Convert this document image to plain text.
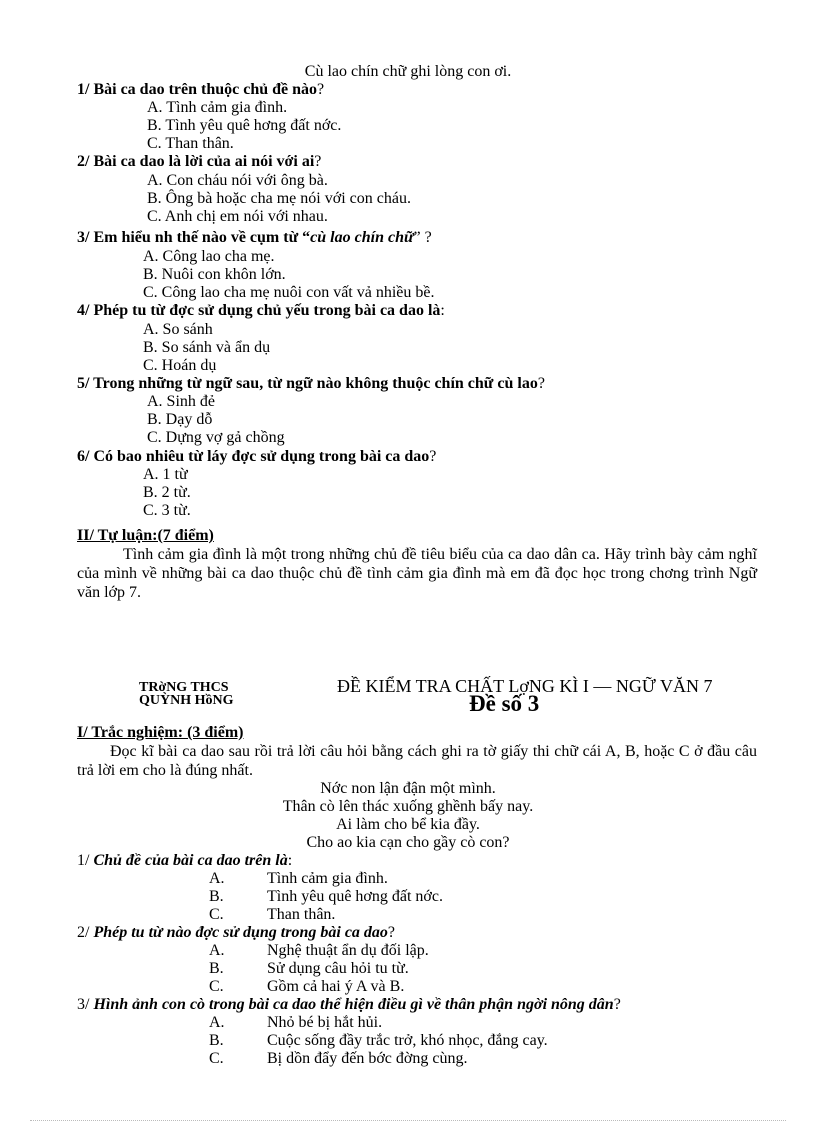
Cù lao chín chữ ghi lòng con ơi.
1/ Bài ca dao trên thuộc chủ đề nào?
A. Tình cảm gia đình.
B. Tình yêu quê hơng đất nớc.
C. Than thân.
2/ Bài ca dao là lời của ai nói với ai?
A. Con cháu nói với ông bà.
B. Ông bà hoặc cha mẹ nói với con cháu.
C. Anh chị em nói với nhau.
3/ Em hiểu nh thế nào về cụm từ “cù lao chín chữ” ?
A. Công lao cha mẹ.
B. Nuôi con khôn lớn.
C. Công lao cha mẹ nuôi con vất vả nhiều bề.
4/ Phép tu từ đợc sử dụng chủ yếu trong bài ca dao là:
A. So sánh
B. So sánh và ẩn dụ
C. Hoán dụ
5/ Trong những từ ngữ sau, từ ngữ nào không thuộc chín chữ cù lao?
A. Sinh đẻ
B. Dạy dỗ
C. Dựng vợ gả chồng
6/ Có bao nhiêu từ láy đợc sử dụng trong bài ca dao?
A. 1 từ
B. 2 từ.
C. 3 từ.
II/ Tự luận:(7 điểm)
Tình cảm gia đình là một trong những chủ đề tiêu biểu của ca dao dân ca. Hãy trình bày cảm nghĩ của mình về những bài ca dao thuộc chủ đề tình cảm gia đình mà em đã đọc học trong chơng trình Ngữ văn lớp 7.
TRờNG THCS
QUỲNH HồNG
ĐỀ KIỂM TRA CHẤT LợNG KÌ I — NGỮ VĂN 7
Đề số 3
I/ Trắc nghiệm: (3 điểm)
Đọc kĩ bài ca dao sau rồi trả lời câu hỏi bằng cách ghi ra tờ giấy thi chữ cái A, B, hoặc C ở đầu câu trả lời em cho là đúng nhất.
Nớc non lận đận một mình.
Thân cò lên thác xuống ghềnh bấy nay.
Ai làm cho bể kia đầy.
Cho ao kia cạn cho gầy cò con?
1/ Chủ đề của bài ca dao trên là:
A.	Tình cảm gia đình.
B.	Tình yêu quê hơng đất nớc.
C.	Than thân.
2/ Phép tu từ nào đợc sử dụng trong bài ca dao?
A.	Nghệ thuật ẩn dụ đối lập.
B.	Sử dụng câu hỏi tu từ.
C.	Gồm cả hai ý A và B.
3/ Hình ảnh con cò trong bài ca dao thể hiện điều gì về thân phận ngời nông dân?
A.	Nhỏ bé bị hắt hủi.
B.	Cuộc sống đầy trắc trở, khó nhọc, đắng cay.
C.	Bị dồn đẩy đến bớc đờng cùng.
